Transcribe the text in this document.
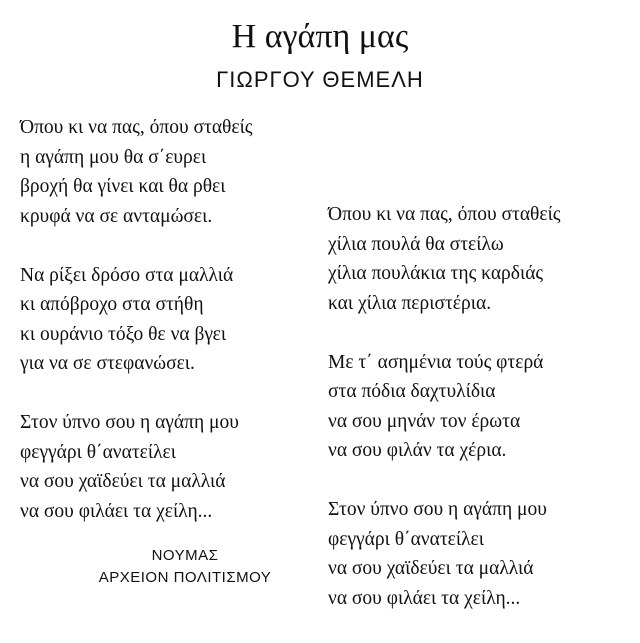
Η αγάπη μας
ΓΙΩΡΓΟΥ ΘΕΜΕΛΗ
Όπου κι να πας, όπου σταθείς
η αγάπη μου θα σ΄ευρει
βροχή θα γίνει και θα ρθει
κρυφά να σε ανταμώσει.
Να ρίξει δρόσο στα μαλλιά
κι απόβροχο στα στήθη
κι ουράνιο τόξο θε να βγει
για να σε στεφανώσει.
Στον ύπνο σου η αγάπη μου
φεγγάρι θ΄ανατείλει
να σου χαϊδεύει τα μαλλιά
να σου φιλάει τα χείλη...
Όπου κι να πας, όπου σταθείς
χίλια πουλά θα στείλω
χίλια πουλάκια της καρδιάς
και χίλια περιστέρια.
Με τ΄ ασημένια τούς φτερά
στα πόδια δαχτυλίδια
να σου μηνάν τον έρωτα
να σου φιλάν τα χέρια.
Στον ύπνο σου η αγάπη μου
φεγγάρι θ΄ανατείλει
να σου χαϊδεύει τα μαλλιά
να σου φιλάει τα χείλη...
ΝΟΥΜΑΣ
ΑΡΧΕΙΟΝ ΠΟΛΙΤΙΣΜΟΥ
